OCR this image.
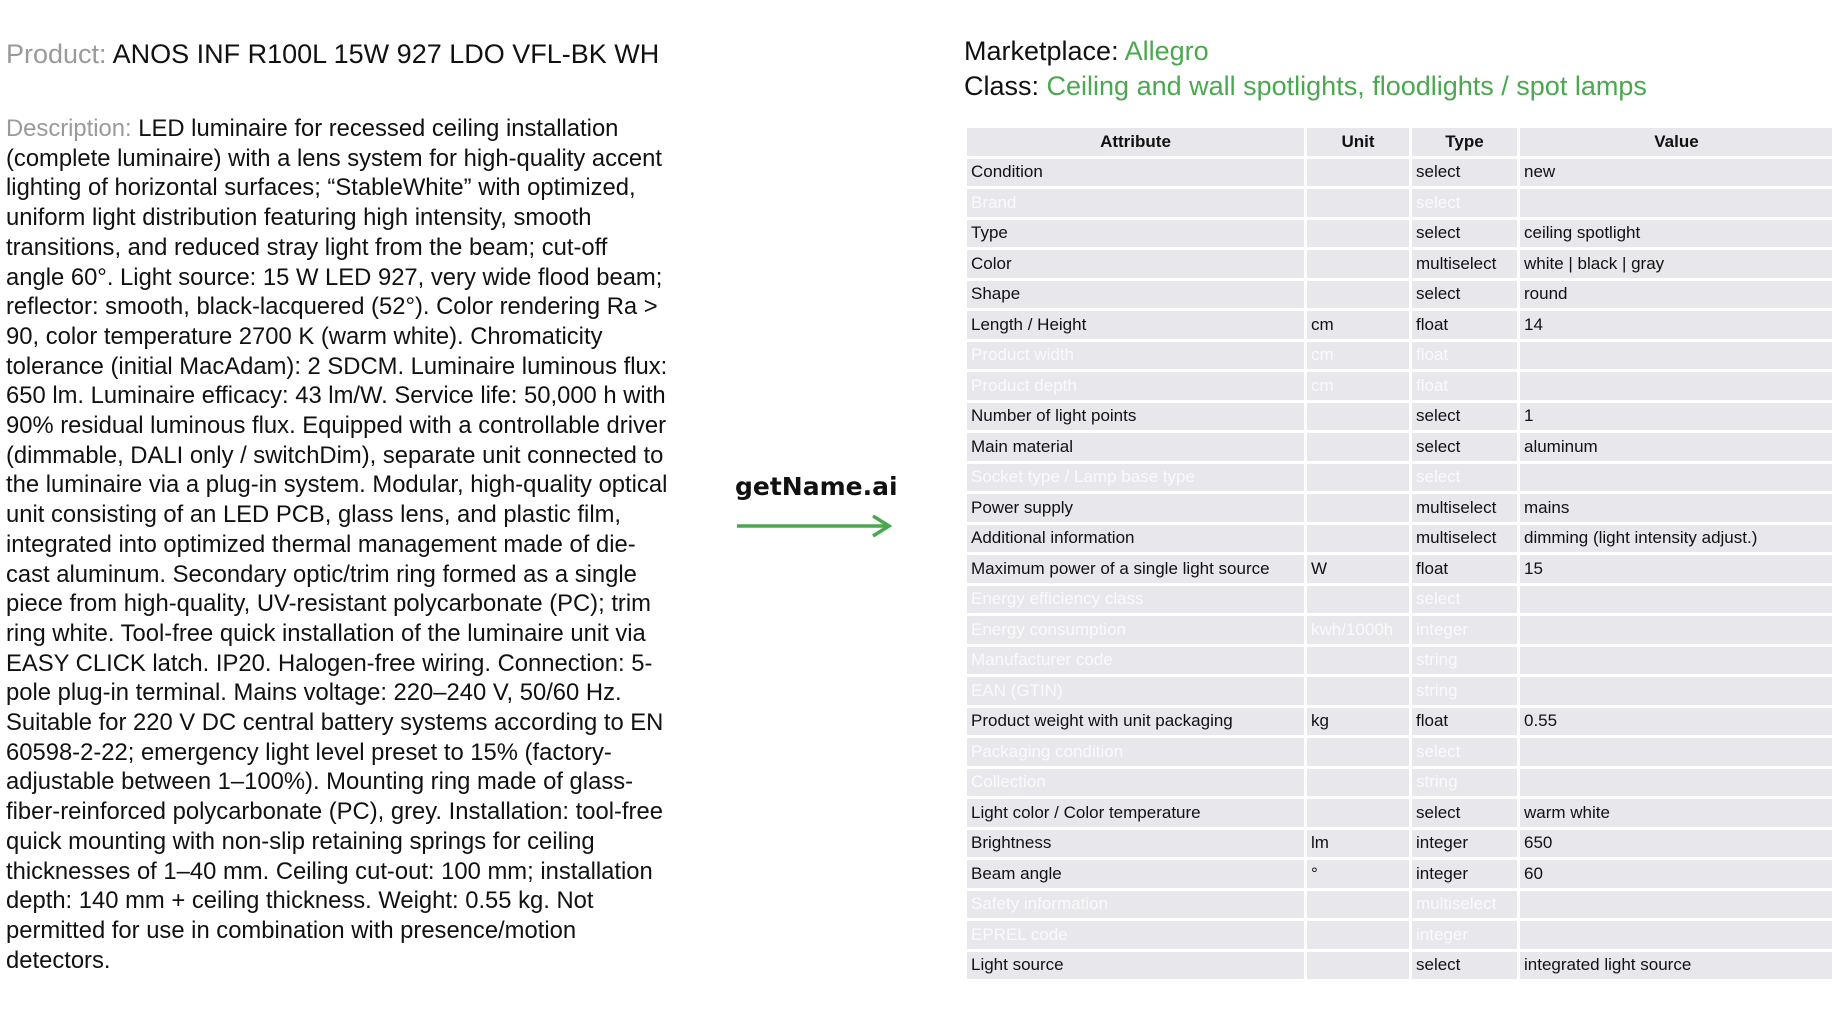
Product: ANOS INF R100L 15W 927 LDO VFL-BK WH

Description: LED luminaire for recessed ceiling installation (complete luminaire) with a lens system for high-quality accent lighting of horizontal surfaces; “StableWhite” with optimized, uniform light distribution featuring high intensity, smooth transitions, and reduced stray light from the beam; cut-off angle 60°. Light source: 15 W LED 927, very wide flood beam; reflector: smooth, black-lacquered (52°). Color rendering Ra > 90, color temperature 2700 K (warm white). Chromaticity tolerance (initial MacAdam): 2 SDCM. Luminaire luminous flux: 650 lm. Luminaire efficacy: 43 lm/W. Service life: 50,000 h with 90% residual luminous flux. Equipped with a controllable driver (dimmable, DALI only / switchDim), separate unit connected to the luminaire via a plug-in system. Modular, high-quality optical unit consisting of an LED PCB, glass lens, and plastic film, integrated into optimized thermal management made of die-cast aluminum. Secondary optic/trim ring formed as a single piece from high-quality, UV-resistant polycarbonate (PC); trim ring white. Tool-free quick installation of the luminaire unit via EASY CLICK latch. IP20. Halogen-free wiring. Connection: 5-pole plug-in terminal. Mains voltage: 220–240 V, 50/60 Hz. Suitable for 220 V DC central battery systems according to EN 60598-2-22; emergency light level preset to 15% (factory-adjustable between 1–100%). Mounting ring made of glass-fiber-reinforced polycarbonate (PC), grey. Installation: tool-free quick mounting with non-slip retaining springs for ceiling thicknesses of 1–40 mm. Ceiling cut-out: 100 mm; installation depth: 140 mm + ceiling thickness. Weight: 0.55 kg. Not permitted for use in combination with presence/motion detectors.

getName.ai

Marketplace: Allegro

Class: Ceiling and wall spotlights, floodlights / spot lamps

Attribute	Unit	Type	Value
Condition		select	new
Brand		select	
Type		select	ceiling spotlight
Color		multiselect	white | black | gray
Shape		select	round
Length / Height	cm	float	14
Product width	cm	float	
Product depth	cm	float	
Number of light points		select	1
Main material		select	aluminum
Socket type / Lamp base type		select	
Power supply		multiselect	mains
Additional information		multiselect	dimming (light intensity adjust.)
Maximum power of a single light source	W	float	15
Energy efficiency class		select	
Energy consumption	kwh/1000h	integer	
Manufacturer code		string	
EAN (GTIN)		string	
Product weight with unit packaging	kg	float	0.55
Packaging condition		select	
Collection		string	
Light color / Color temperature		select	warm white
Brightness	lm	integer	650
Beam angle	°	integer	60
Safety information		multiselect	
EPREL code		integer	
Light source		select	integrated light source
